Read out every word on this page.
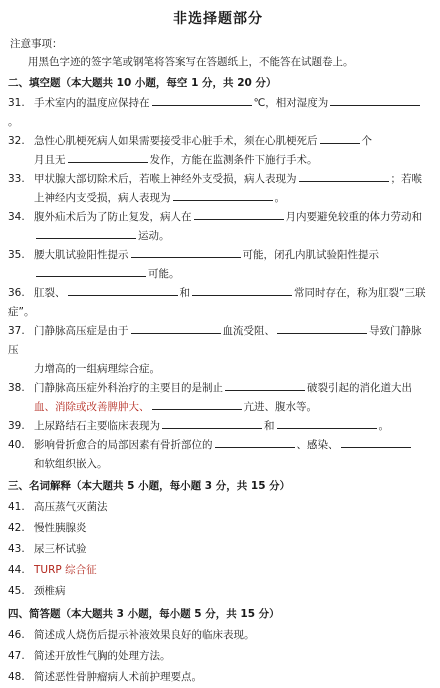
非选择题部分
注意事项：
用黑色字迹的签字笔或钢笔将答案写在答题纸上，不能答在试题卷上。
二、填空题（本大题共 10 小题，每空 1 分，共 20 分）

31. 手术室内的温度应保持在	℃，相对湿度为。

32. 急性心肌梗死病人如果需要接受非心脏手术，须在心肌梗死后	个

月且无	发作，方能在监测条件下施行手术。

33. 甲状腺大部切除术后，若喉上神经外支受损，病人表现为	；若喉

上神经内支受损，病人表现为	。

34. 腹外疝术后为了防止复发，病人在	月内要避免较重的体力劳动和

运动。

35. 腰大肌试验阳性提示	可能，闭孔内肌试验阳性提示

可能。

36. 肛裂、	和	常同时存在，称为肛裂“三联症”。

37. 门静脉高压症是由于	血流受阻、	导致门静脉压

力增高的一组病理综合症。

38. 门静脉高压症外科治疗的主要目的是制止	破裂引起的消化道大出

血、消除或改善脾肿大、	亢进、腹水等。

39. 上尿路结石主要临床表现为	和	。

40. 影响骨折愈合的局部因素有骨折部位的	、感染、

和软组织嵌入。

三、名词解释（本大题共 5 小题，每小题 3 分，共 15 分）

41. 高压蒸气灭菌法

42. 慢性胰腺炎

43. 尿三杯试验

44. TURP 综合征

45. 颈椎病

四、简答题（本大题共 3 小题，每小题 5 分，共 15 分）

46. 简述成人烧伤后提示补液效果良好的临床表现。

47. 简述开放性气胸的处理方法。

48. 简述恶性骨肿瘤病人术前护理要点。
